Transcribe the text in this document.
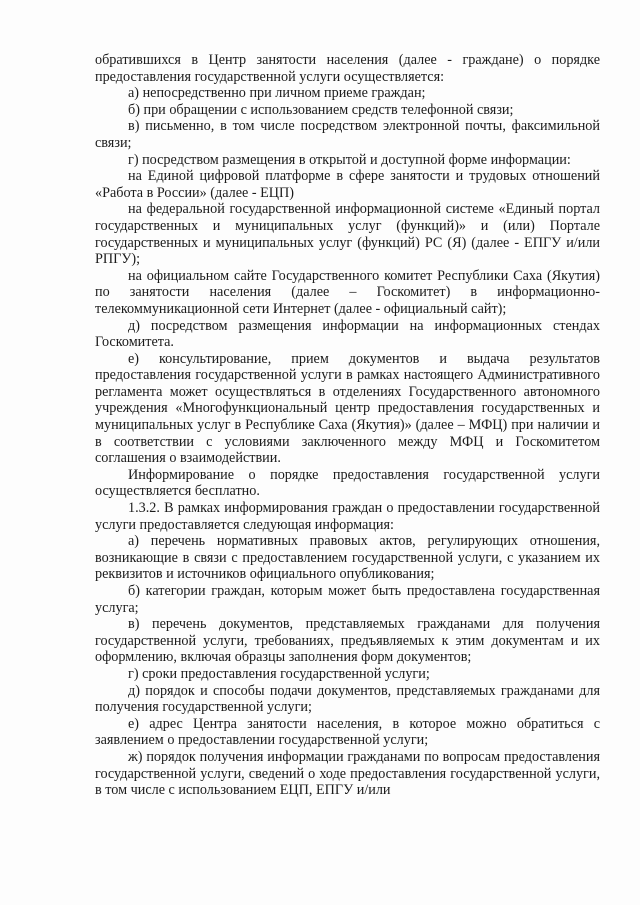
обратившихся в Центр занятости населения (далее - граждане) о порядке предоставления государственной услуги осуществляется:

а) непосредственно при личном приеме граждан;

б) при обращении с использованием средств телефонной связи;

в) письменно, в том числе посредством электронной почты, факсимильной связи;

г) посредством размещения в открытой и доступной форме информации:

на Единой цифровой платформе в сфере занятости и трудовых отношений «Работа в России» (далее - ЕЦП)

на федеральной государственной информационной системе «Единый портал государственных и муниципальных услуг (функций)» и (или) Портале государственных и муниципальных услуг (функций) РС (Я) (далее - ЕПГУ и/или РПГУ);

на официальном сайте Государственного комитет Республики Саха (Якутия) по занятости населения (далее – Госкомитет) в информационно-телекоммуникационной сети Интернет (далее - официальный сайт);

д) посредством размещения информации на информационных стендах Госкомитета.

е) консультирование, прием документов и выдача результатов предоставления государственной услуги в рамках настоящего Административного регламента может осуществляться в отделениях Государственного автономного учреждения «Многофункциональный центр предоставления государственных и муниципальных услуг в Республике Саха (Якутия)» (далее – МФЦ) при наличии и в соответствии с условиями заключенного между МФЦ и Госкомитетом соглашения о взаимодействии.

Информирование о порядке предоставления государственной услуги осуществляется бесплатно.

1.3.2. В рамках информирования граждан о предоставлении государственной услуги предоставляется следующая информация:

а) перечень нормативных правовых актов, регулирующих отношения, возникающие в связи с предоставлением государственной услуги, с указанием их реквизитов и источников официального опубликования;

б) категории граждан, которым может быть предоставлена государственная услуга;

в) перечень документов, представляемых гражданами для получения государственной услуги, требованиях, предъявляемых к этим документам и их оформлению, включая образцы заполнения форм документов;

г) сроки предоставления государственной услуги;

д) порядок и способы подачи документов, представляемых гражданами для получения государственной услуги;

е) адрес Центра занятости населения, в которое можно обратиться с заявлением о предоставлении государственной услуги;

ж) порядок получения информации гражданами по вопросам предоставления государственной услуги, сведений о ходе предоставления государственной услуги, в том числе с использованием ЕЦП, ЕПГУ и/или
